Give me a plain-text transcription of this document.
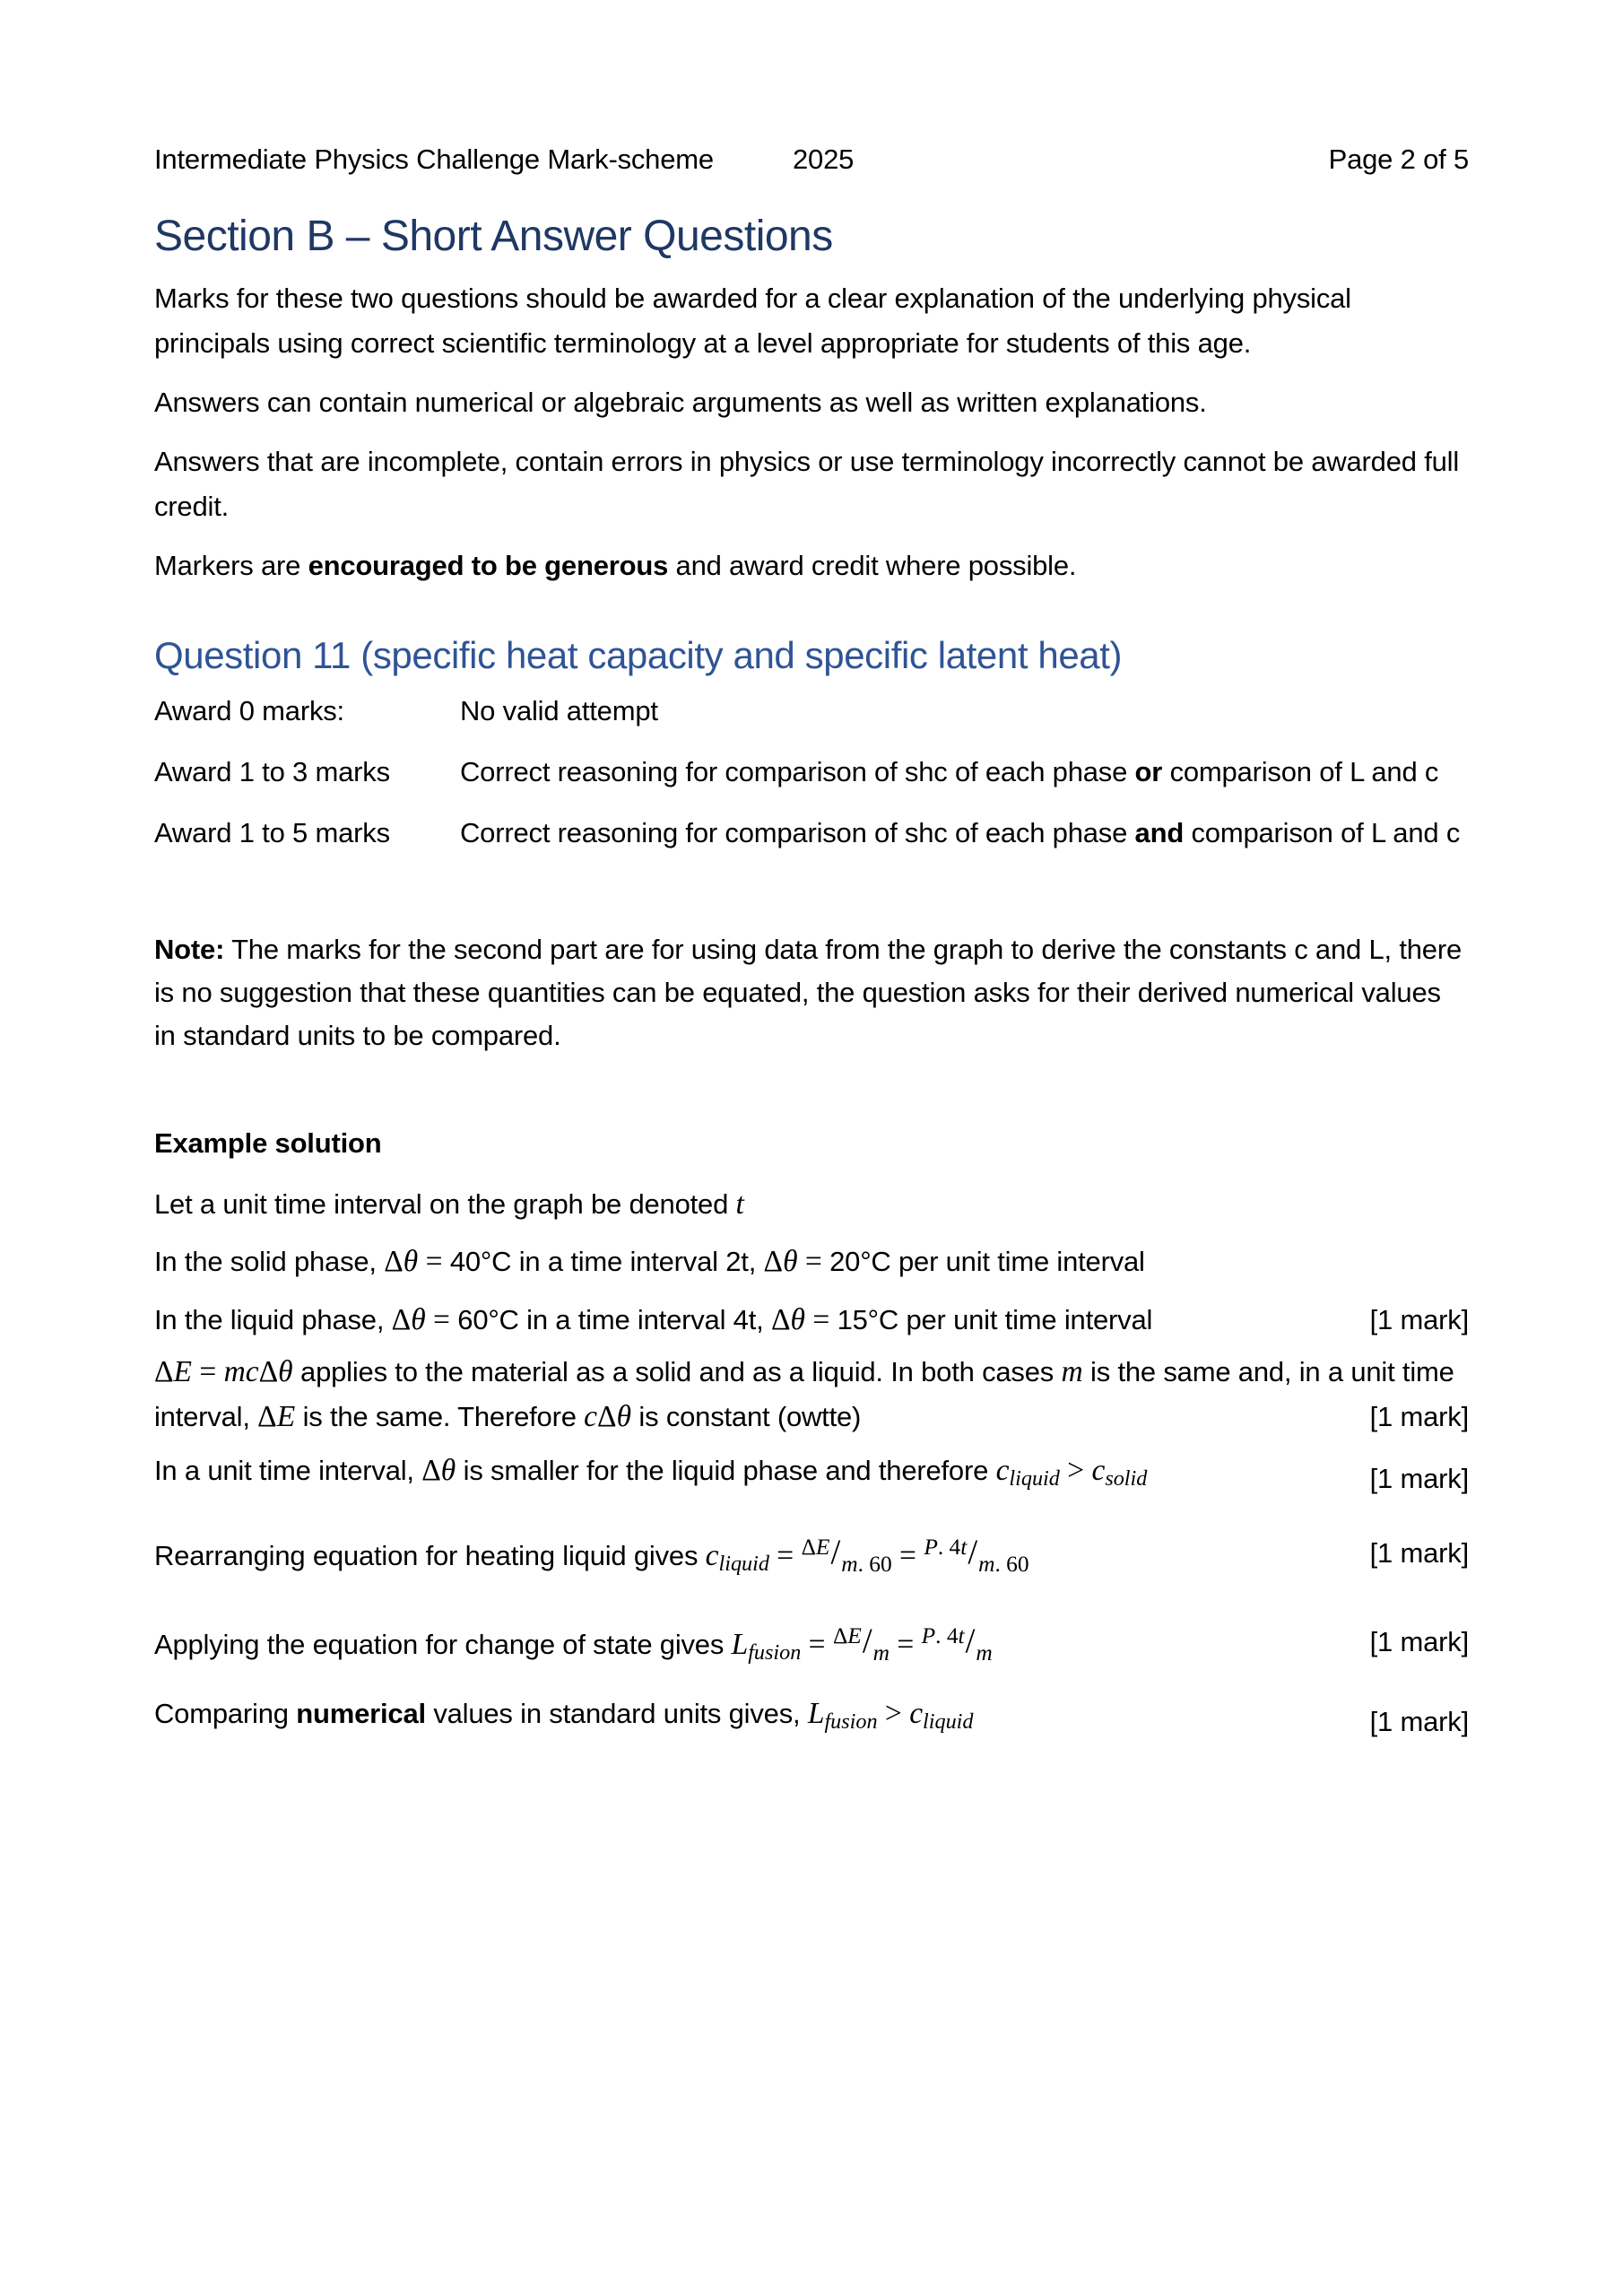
Intermediate Physics Challenge Mark-scheme	2025	Page 2 of 5
Section B – Short Answer Questions

Marks for these two questions should be awarded for a clear explanation of the underlying physical principals using correct scientific terminology at a level appropriate for students of this age.

Answers can contain numerical or algebraic arguments as well as written explanations.

Answers that are incomplete, contain errors in physics or use terminology incorrectly cannot be awarded full credit.

Markers are encouraged to be generous and award credit where possible.

Question 11 (specific heat capacity and specific latent heat)
Award 0 marks:	No valid attempt
Award 1 to 3 marks	Correct reasoning for comparison of shc of each phase or comparison of L and c
Award 1 to 5 marks	Correct reasoning for comparison of shc of each phase and comparison of L and c

Note: The marks for the second part are for using data from the graph to derive the constants c and L, there is no suggestion that these quantities can be equated, the question asks for their derived numerical values in standard units to be compared.

Example solution

Let a unit time interval on the graph be denoted t

In the solid phase, Δθ = 40°C in a time interval 2t, Δθ = 20°C per unit time interval

In the liquid phase, Δθ = 60°C in a time interval 4t, Δθ = 15°C per unit time interval	[1 mark]

ΔE = mcΔθ applies to the material as a solid and as a liquid. In both cases m is the same and, in a unit time interval, ΔE is the same. Therefore cΔθ is constant (owtte)	[1 mark]

In a unit time interval, Δθ is smaller for the liquid phase and therefore cliquid > csolid	[1 mark]

Rearranging equation for heating liquid gives cliquid = $^{\Delta E}/_{m. 60} = ^{P. 4t}/_{m. 60}$	[1 mark]

Applying the equation for change of state gives Lfusion = $^{\Delta E}/_m = ^{P. 4t}/_m$	[1 mark]

Comparing numerical values in standard units gives, Lfusion > cliquid	[1 mark]
